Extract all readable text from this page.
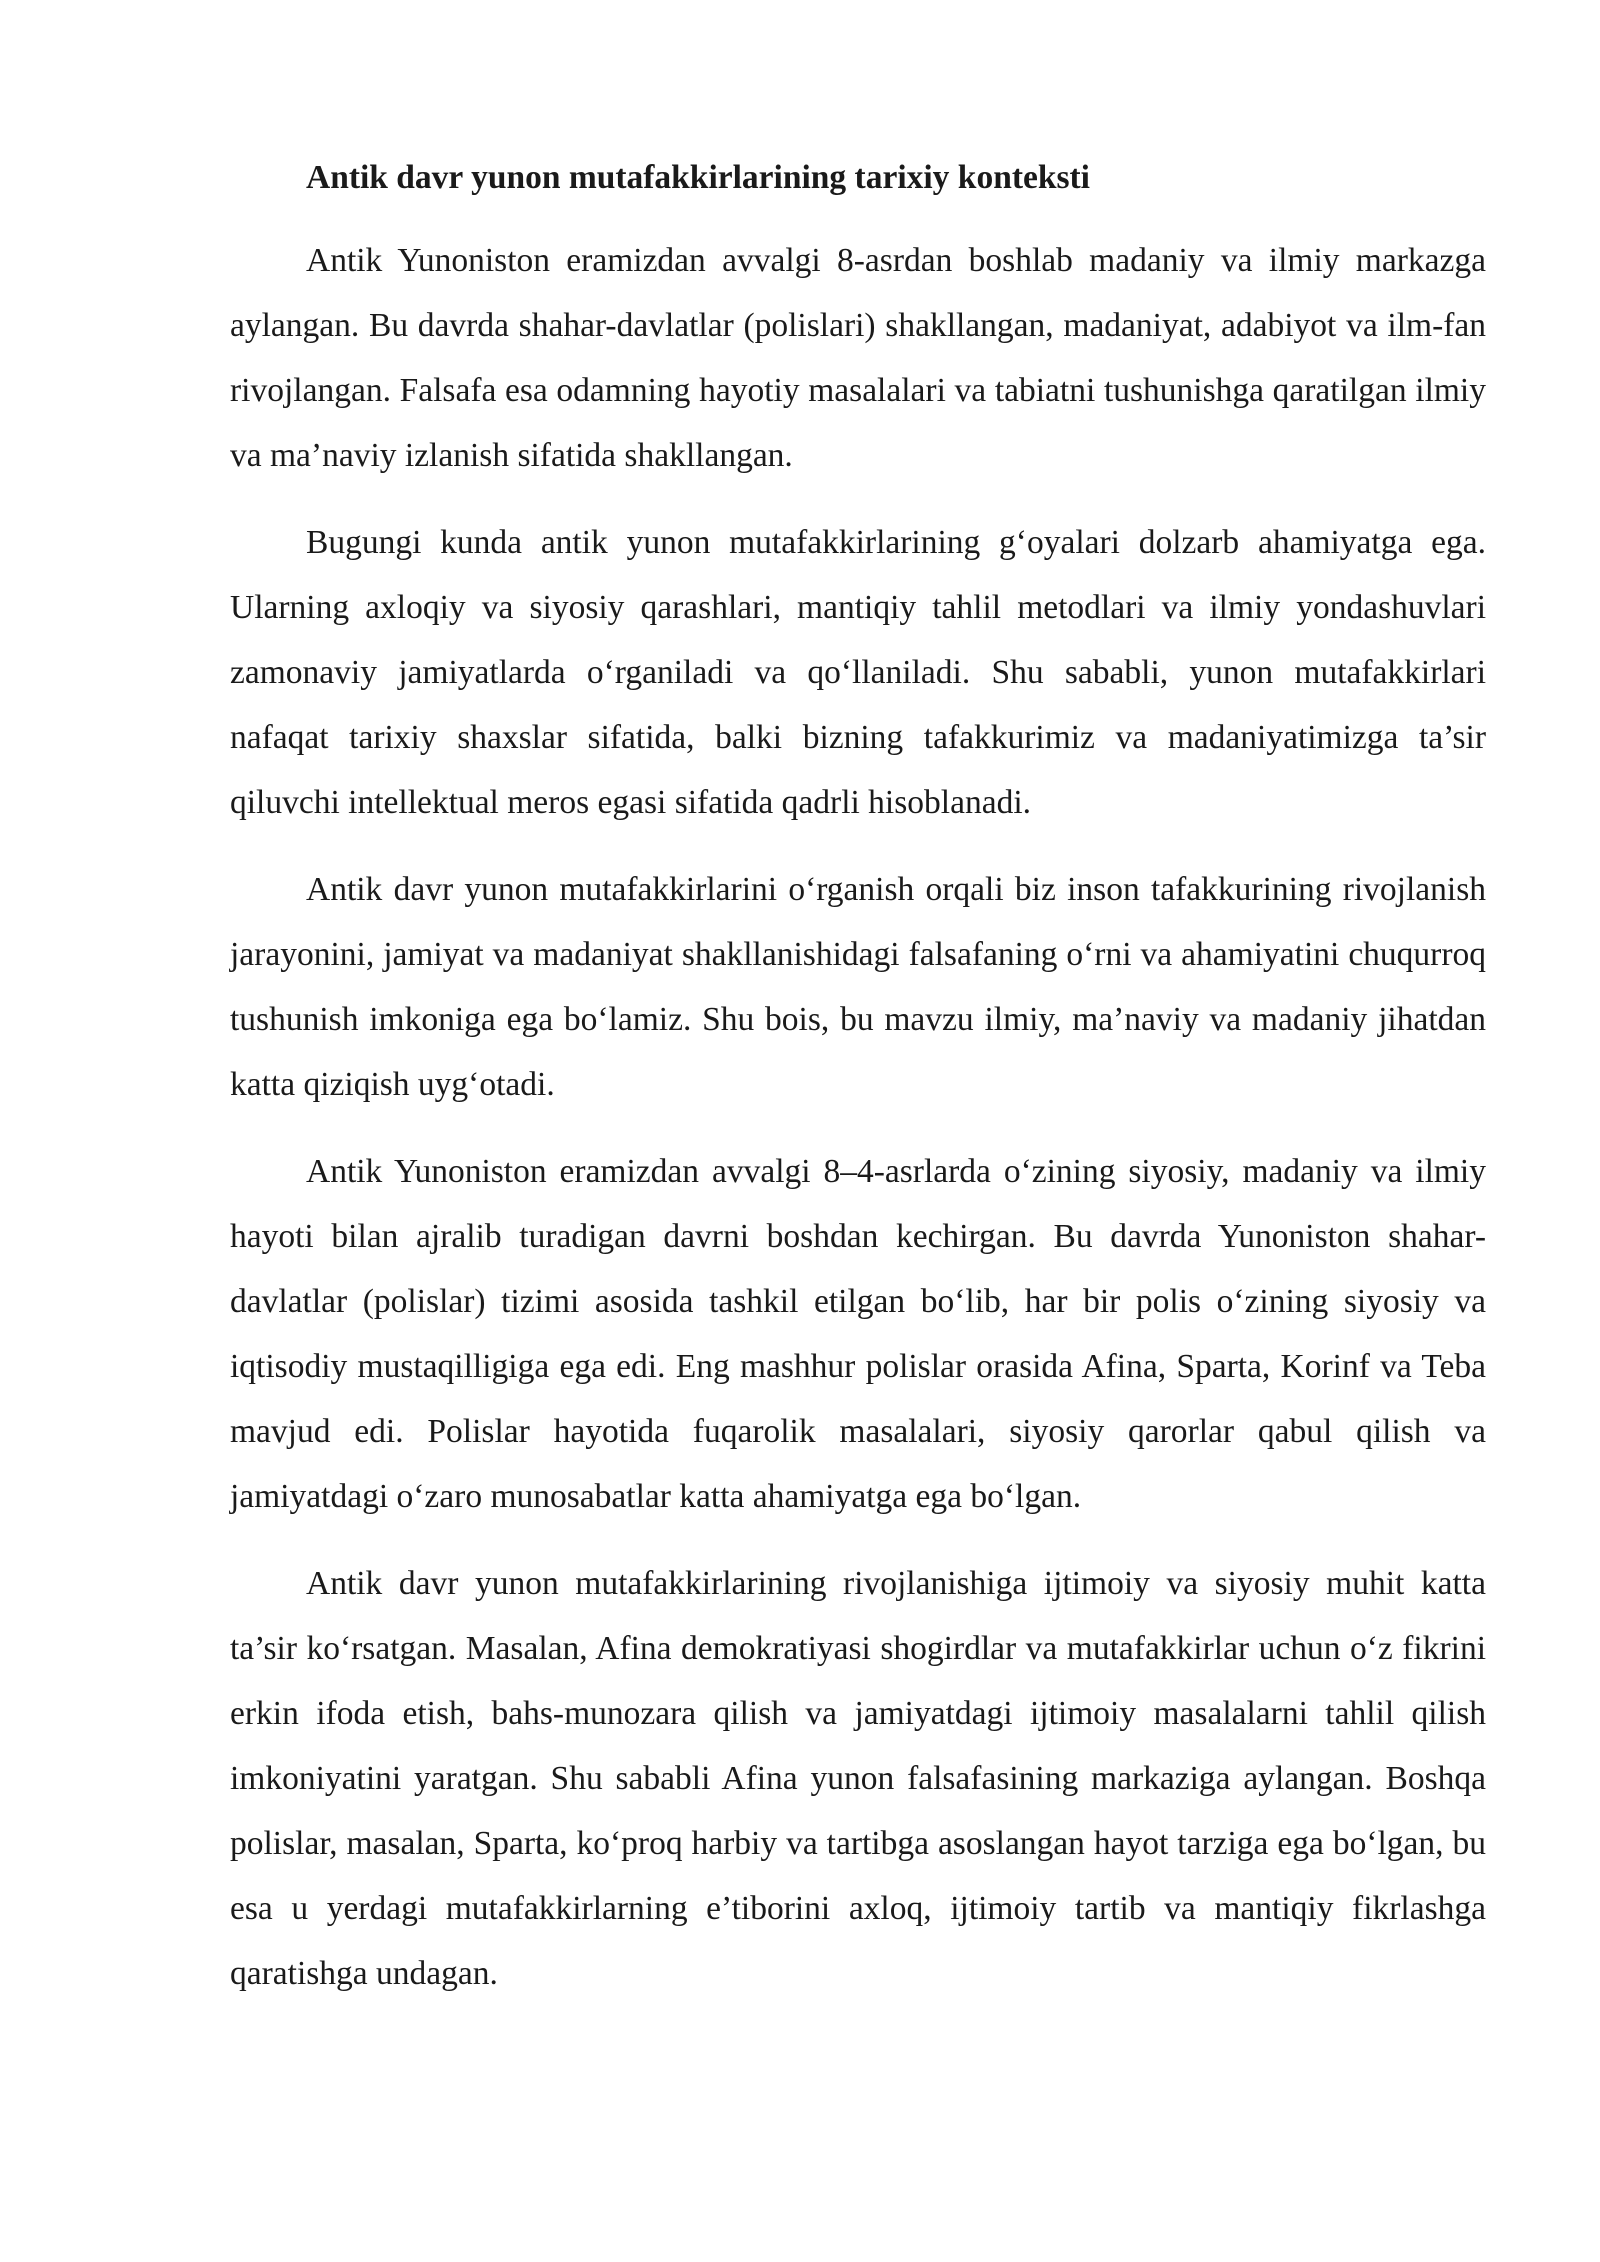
Antik davr yunon mutafakkirlarining tarixiy konteksti

Antik Yunoniston eramizdan avvalgi 8-asrdan boshlab madaniy va ilmiy markazga aylangan. Bu davrda shahar-davlatlar (polislari) shakllangan, madaniyat, adabiyot va ilm-fan rivojlangan. Falsafa esa odamning hayotiy masalalari va tabiatni tushunishga qaratilgan ilmiy va ma’naviy izlanish sifatida shakllangan.

Bugungi kunda antik yunon mutafakkirlarining g‘oyalari dolzarb ahamiyatga ega. Ularning axloqiy va siyosiy qarashlari, mantiqiy tahlil metodlari va ilmiy yondashuvlari zamonaviy jamiyatlarda o‘rganiladi va qo‘llaniladi. Shu sababli, yunon mutafakkirlari nafaqat tarixiy shaxslar sifatida, balki bizning tafakkurimiz va madaniyatimizga ta’sir qiluvchi intellektual meros egasi sifatida qadrli hisoblanadi.

Antik davr yunon mutafakkirlarini o‘rganish orqali biz inson tafakkurining rivojlanish jarayonini, jamiyat va madaniyat shakllanishidagi falsafaning o‘rni va ahamiyatini chuqurroq tushunish imkoniga ega bo‘lamiz. Shu bois, bu mavzu ilmiy, ma’naviy va madaniy jihatdan katta qiziqish uyg‘otadi.

Antik Yunoniston eramizdan avvalgi 8–4-asrlarda o‘zining siyosiy, madaniy va ilmiy hayoti bilan ajralib turadigan davrni boshdan kechirgan. Bu davrda Yunoniston shahar-davlatlar (polislar) tizimi asosida tashkil etilgan bo‘lib, har bir polis o‘zining siyosiy va iqtisodiy mustaqilligiga ega edi. Eng mashhur polislar orasida Afina, Sparta, Korinf va Teba mavjud edi. Polislar hayotida fuqarolik masalalari, siyosiy qarorlar qabul qilish va jamiyatdagi o‘zaro munosabatlar katta ahamiyatga ega bo‘lgan.

Antik davr yunon mutafakkirlarining rivojlanishiga ijtimoiy va siyosiy muhit katta ta’sir ko‘rsatgan. Masalan, Afina demokratiyasi shogirdlar va mutafakkirlar uchun o‘z fikrini erkin ifoda etish, bahs-munozara qilish va jamiyatdagi ijtimoiy masalalarni tahlil qilish imkoniyatini yaratgan. Shu sababli Afina yunon falsafasining markaziga aylangan. Boshqa polislar, masalan, Sparta, ko‘proq harbiy va tartibga asoslangan hayot tarziga ega bo‘lgan, bu esa u yerdagi mutafakkirlarning e’tiborini axloq, ijtimoiy tartib va mantiqiy fikrlashga qaratishga undagan.
